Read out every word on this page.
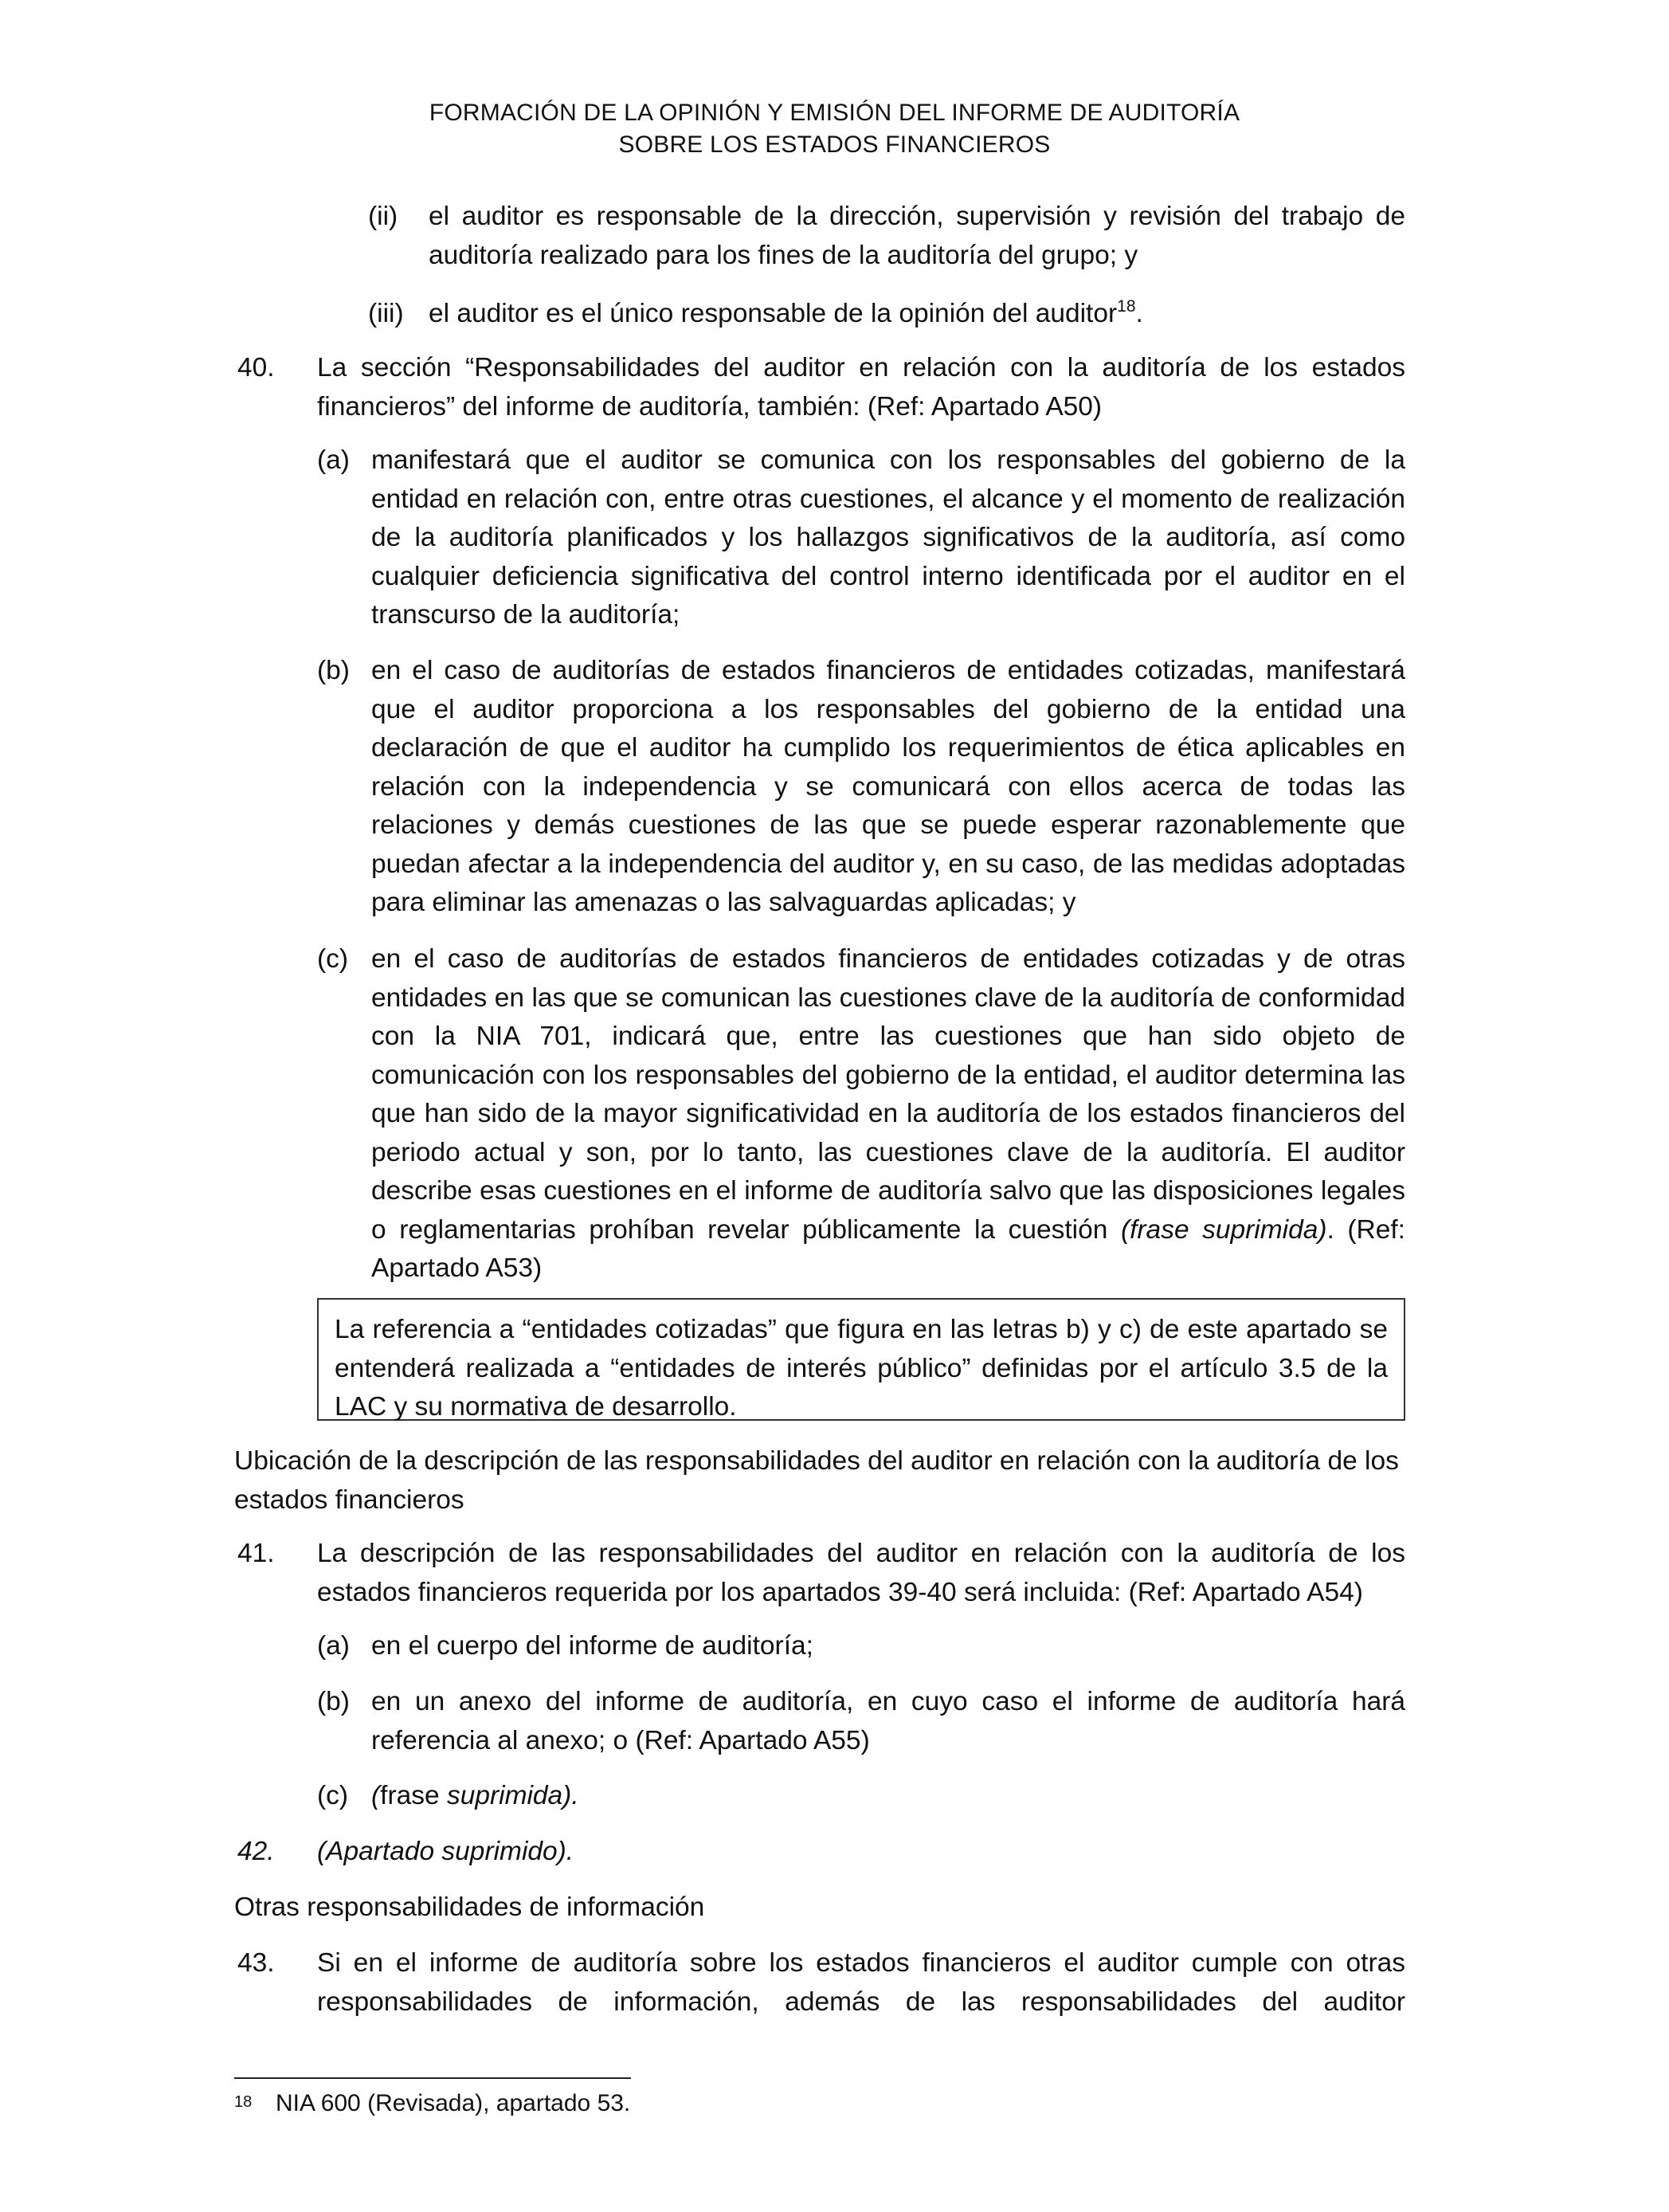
FORMACIÓN DE LA OPINIÓN Y EMISIÓN DEL INFORME DE AUDITORÍA
SOBRE LOS ESTADOS FINANCIEROS
(ii) el auditor es responsable de la dirección, supervisión y revisión del trabajo de auditoría realizado para los fines de la auditoría del grupo; y
(iii) el auditor es el único responsable de la opinión del auditor$^{18}$.
40. La sección “Responsabilidades del auditor en relación con la auditoría de los estados financieros” del informe de auditoría, también: (Ref: Apartado A50)
(a) manifestará que el auditor se comunica con los responsables del gobierno de la entidad en relación con, entre otras cuestiones, el alcance y el momento de realización de la auditoría planificados y los hallazgos significativos de la auditoría, así como cualquier deficiencia significativa del control interno identificada por el auditor en el transcurso de la auditoría;
(b) en el caso de auditorías de estados financieros de entidades cotizadas, manifestará que el auditor proporciona a los responsables del gobierno de la entidad una declaración de que el auditor ha cumplido los requerimientos de ética aplicables en relación con la independencia y se comunicará con ellos acerca de todas las relaciones y demás cuestiones de las que se puede esperar razonablemente que puedan afectar a la independencia del auditor y, en su caso, de las medidas adoptadas para eliminar las amenazas o las salvaguardas aplicadas; y
(c) en el caso de auditorías de estados financieros de entidades cotizadas y de otras entidades en las que se comunican las cuestiones clave de la auditoría de conformidad con la NIA 701, indicará que, entre las cuestiones que han sido objeto de comunicación con los responsables del gobierno de la entidad, el auditor determina las que han sido de la mayor significatividad en la auditoría de los estados financieros del periodo actual y son, por lo tanto, las cuestiones clave de la auditoría. El auditor describe esas cuestiones en el informe de auditoría salvo que las disposiciones legales o reglamentarias prohíban revelar públicamente la cuestión (frase suprimida). (Ref: Apartado A53)
La referencia a “entidades cotizadas” que figura en las letras b) y c) de este apartado se entenderá realizada a “entidades de interés público” definidas por el artículo 3.5 de la LAC y su normativa de desarrollo.
Ubicación de la descripción de las responsabilidades del auditor en relación con la auditoría de los estados financieros
41. La descripción de las responsabilidades del auditor en relación con la auditoría de los estados financieros requerida por los apartados 39-40 será incluida: (Ref: Apartado A54)
(a) en el cuerpo del informe de auditoría;
(b) en un anexo del informe de auditoría, en cuyo caso el informe de auditoría hará referencia al anexo; o (Ref: Apartado A55)
(c) (frase suprimida).
42. (Apartado suprimido).
Otras responsabilidades de información
43. Si en el informe de auditoría sobre los estados financieros el auditor cumple con otras responsabilidades de información, además de las responsabilidades del auditor
$^{18}$ NIA 600 (Revisada), apartado 53.
